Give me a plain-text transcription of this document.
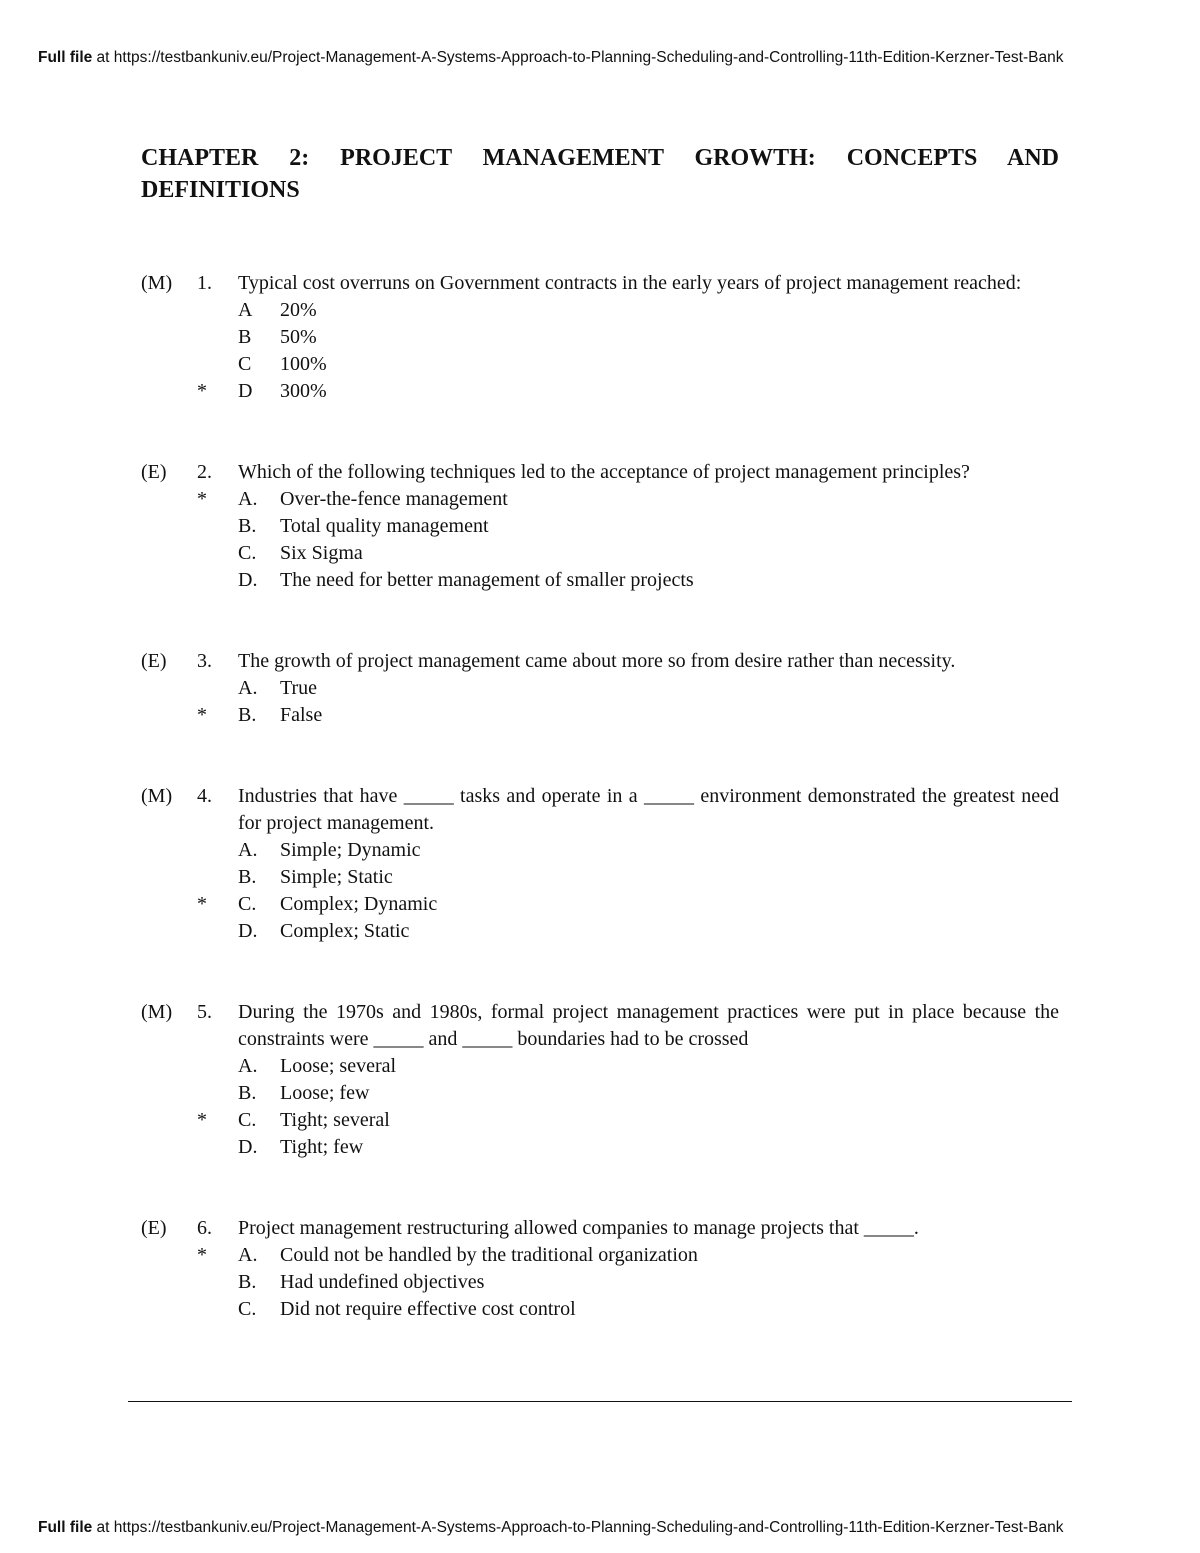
Full file at https://testbankuniv.eu/Project-Management-A-Systems-Approach-to-Planning-Scheduling-and-Controlling-11th-Edition-Kerzner-Test-Bank
CHAPTER 2: PROJECT MANAGEMENT GROWTH: CONCEPTS AND DEFINITIONS
(M) 1. Typical cost overruns on Government contracts in the early years of project management reached:
A 20%
B 50%
C 100%
* D 300%
(E) 2. Which of the following techniques led to the acceptance of project management principles?
* A. Over-the-fence management
B. Total quality management
C. Six Sigma
D. The need for better management of smaller projects
(E) 3. The growth of project management came about more so from desire rather than necessity.
A. True
* B. False
(M) 4. Industries that have _____ tasks and operate in a _____ environment demonstrated the greatest need for project management.
A. Simple; Dynamic
B. Simple; Static
* C. Complex; Dynamic
D. Complex; Static
(M) 5. During the 1970s and 1980s, formal project management practices were put in place because the constraints were _____ and _____ boundaries had to be crossed
A. Loose; several
B. Loose; few
* C. Tight; several
D. Tight; few
(E) 6. Project management restructuring allowed companies to manage projects that _____.
* A. Could not be handled by the traditional organization
B. Had undefined objectives
C. Did not require effective cost control
Full file at https://testbankuniv.eu/Project-Management-A-Systems-Approach-to-Planning-Scheduling-and-Controlling-11th-Edition-Kerzner-Test-Bank
